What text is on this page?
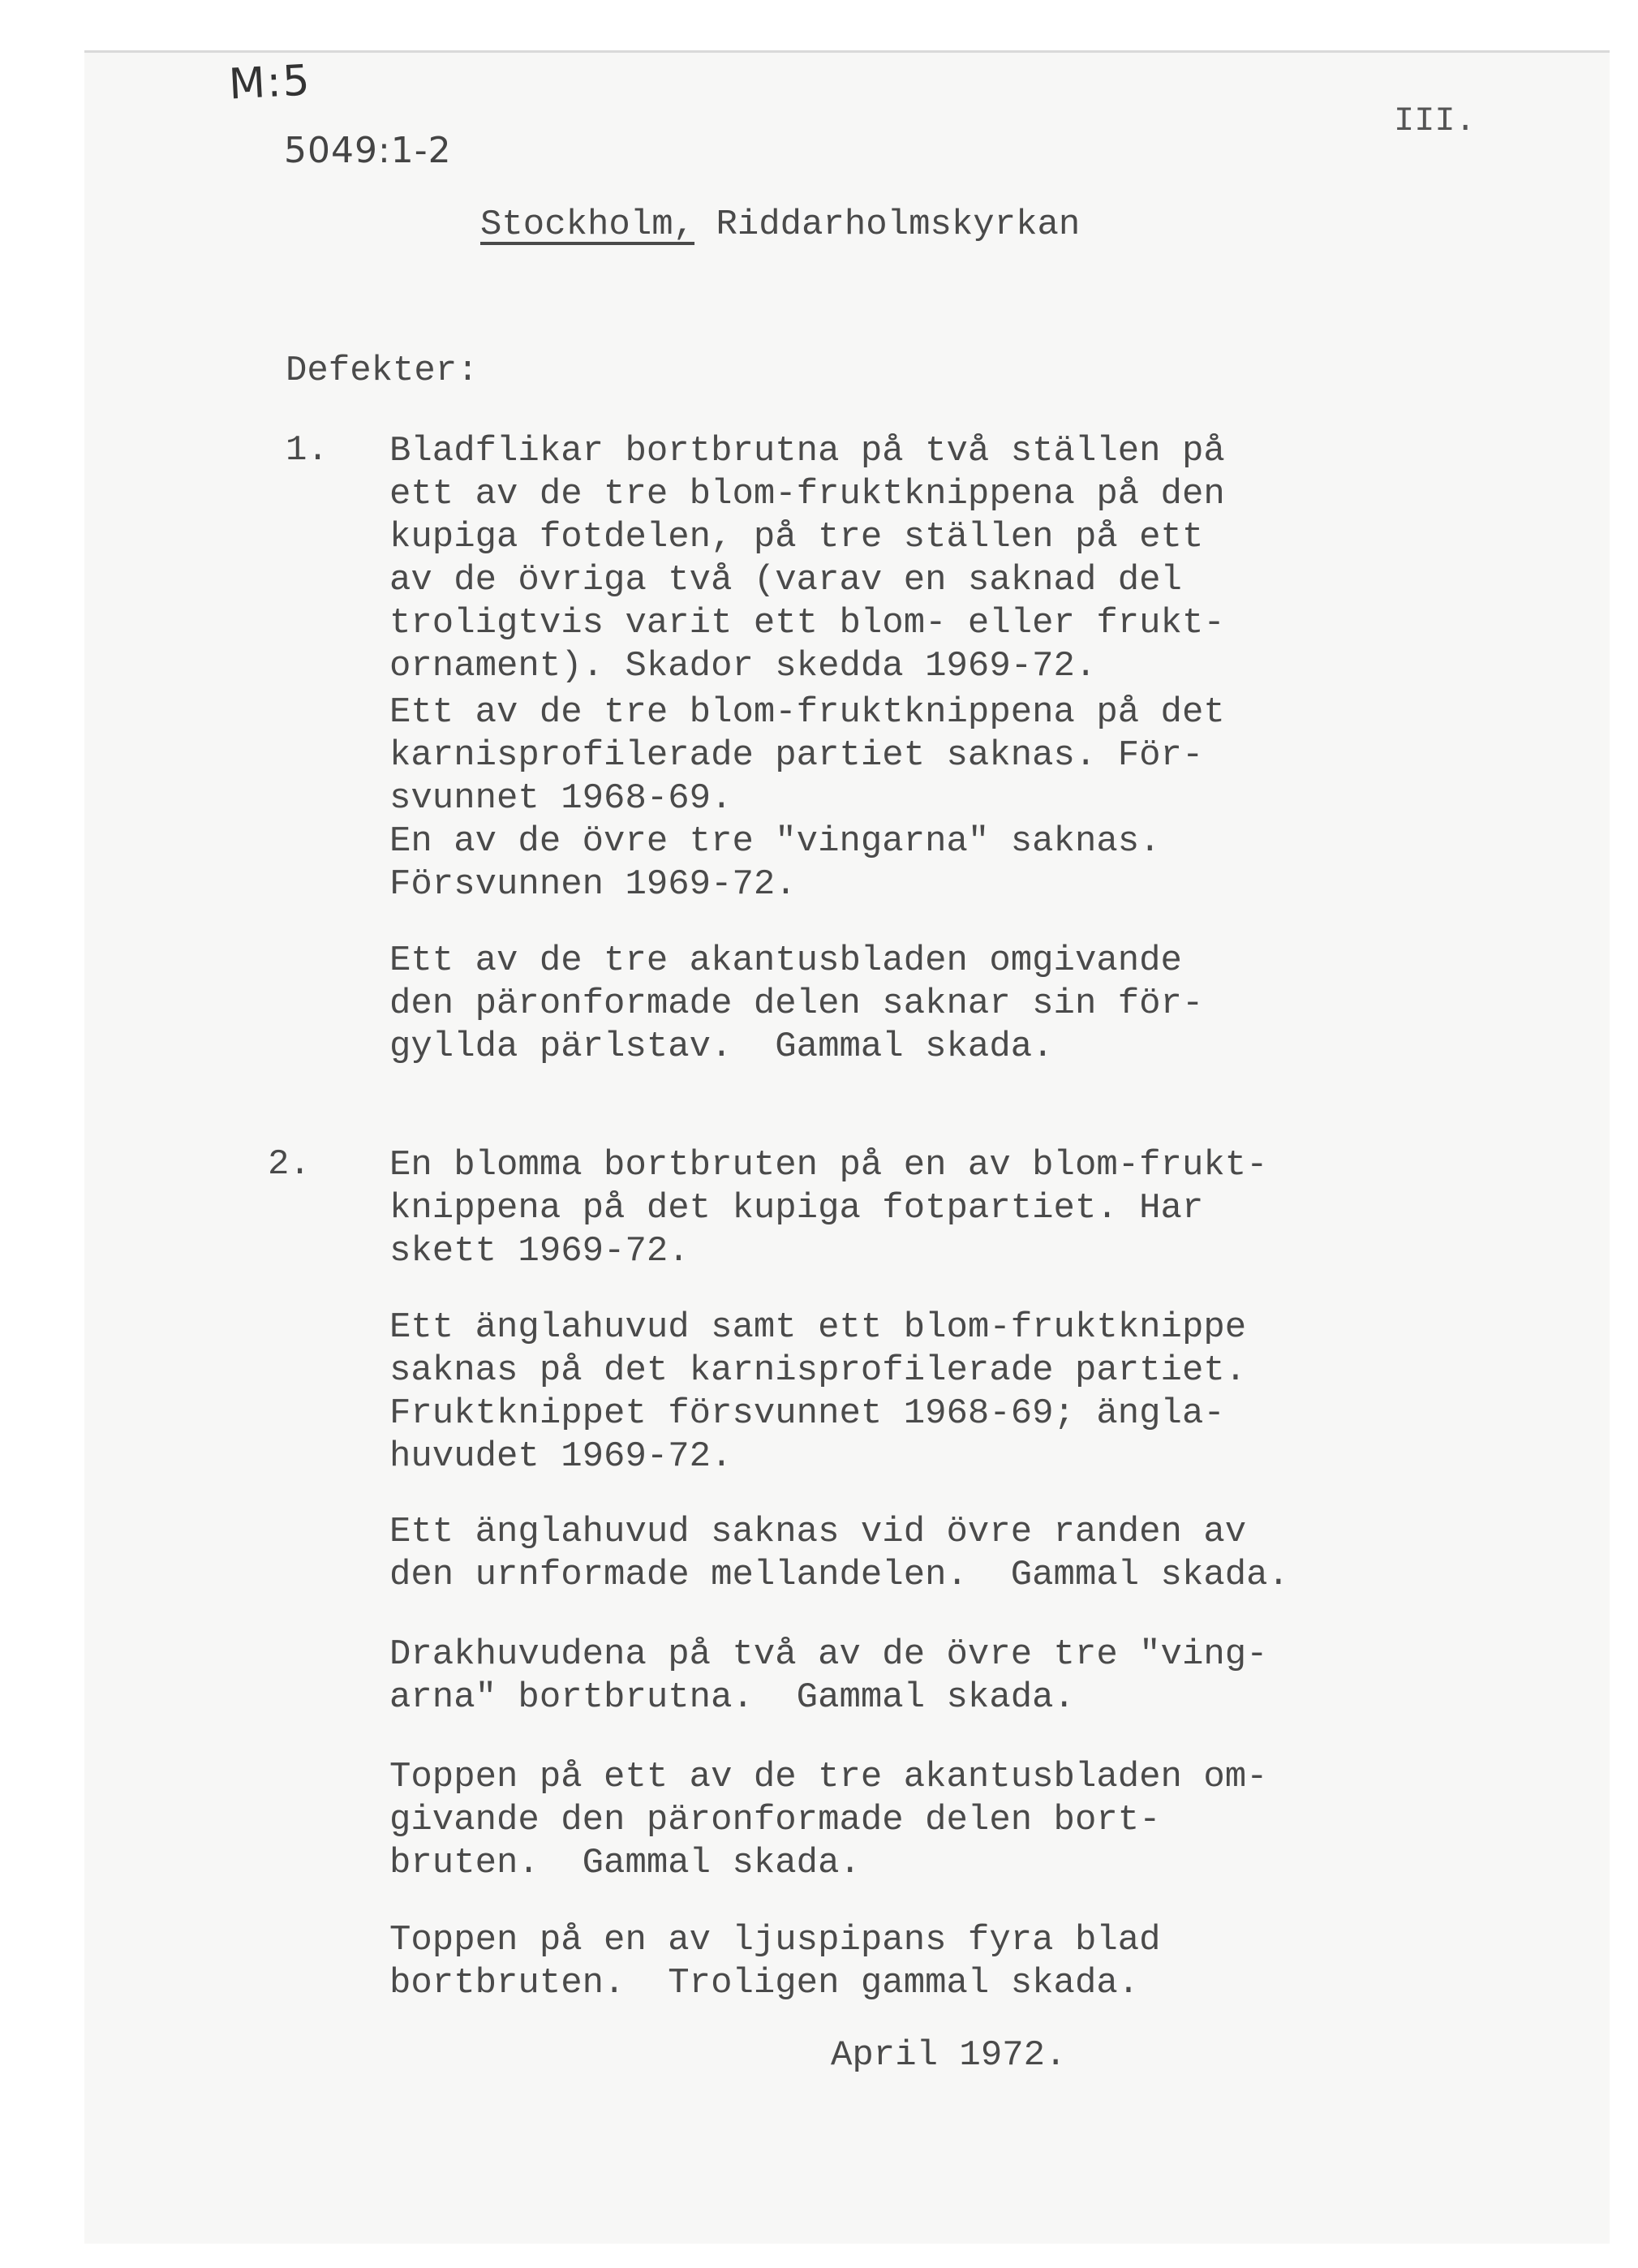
M:5
5049:1-2
III.
Stockholm, Riddarholmskyrkan
Defekter:
1. Bladflikar bortbrutna på två ställen på
ett av de tre blom-fruktknippena på den
kupiga fotdelen, på tre ställen på ett
av de övriga två (varav en saknad del
troligtvis varit ett blom- eller frukt-
ornament). Skador skedda 1969-72.

Ett av de tre blom-fruktknippena på det
karnisprofilerade partiet saknas. För-
svunnet 1968-69.
En av de övre tre "vingarna" saknas.
Försvunnen 1969-72.

Ett av de tre akantusbladen omgivande
den päronformade delen saknar sin för-
gyllda pärlstav.  Gammal skada.

2. En blomma bortbruten på en av blom-frukt-
knippena på det kupiga fotpartiet. Har
skett 1969-72.

Ett änglahuvud samt ett blom-fruktknippe
saknas på det karnisprofilerade partiet.
Fruktknippet försvunnet 1968-69; ängla-
huvudet 1969-72.

Ett änglahuvud saknas vid övre randen av
den urnformade mellandelen.  Gammal skada.

Drakhuvudena på två av de övre tre "ving-
arna" bortbrutna.  Gammal skada.

Toppen på ett av de tre akantusbladen om-
givande den päronformade delen bort-
bruten.  Gammal skada.

Toppen på en av ljuspipans fyra blad
bortbruten.  Troligen gammal skada.

April 1972.
